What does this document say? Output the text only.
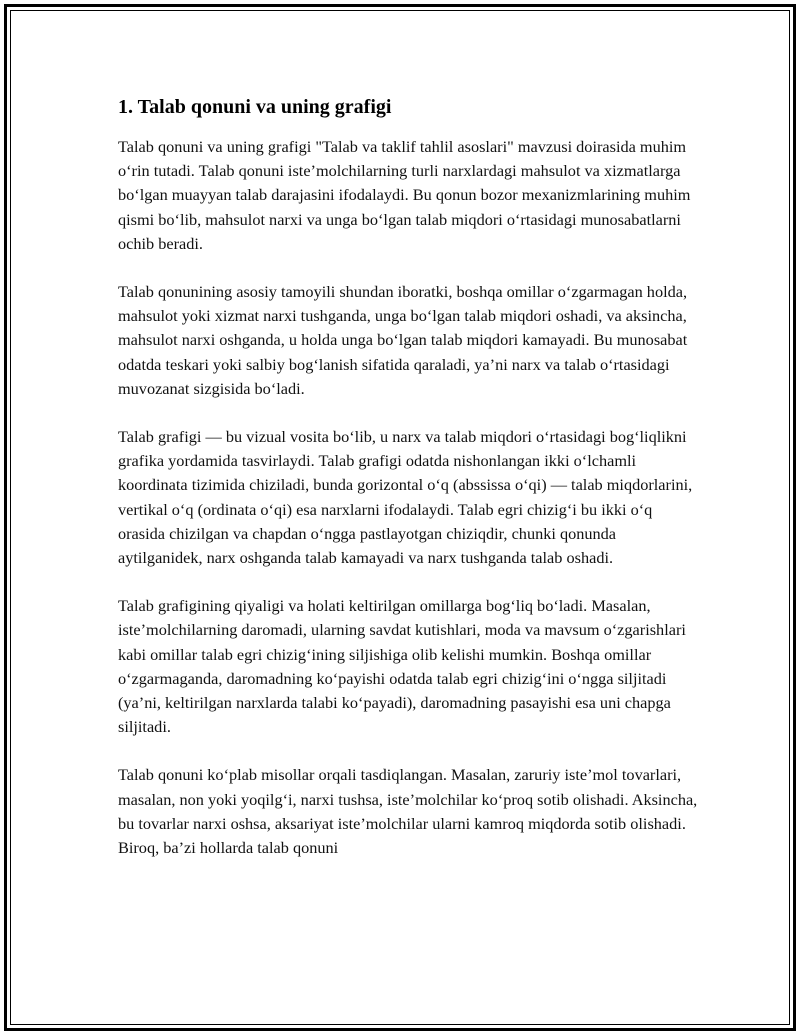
1. Talab qonuni va uning grafigi

Talab qonuni va uning grafigi "Talab va taklif tahlil asoslari" mavzusi doirasida muhim o‘rin tutadi. Talab qonuni iste’molchilarning turli narxlardagi mahsulot va xizmatlarga bo‘lgan muayyan talab darajasini ifodalaydi. Bu qonun bozor mexanizmlarining muhim qismi bo‘lib, mahsulot narxi va unga bo‘lgan talab miqdori o‘rtasidagi munosabatlarni ochib beradi.

Talab qonunining asosiy tamoyili shundan iboratki, boshqa omillar o‘zgarmagan holda, mahsulot yoki xizmat narxi tushganda, unga bo‘lgan talab miqdori oshadi, va aksincha, mahsulot narxi oshganda, u holda unga bo‘lgan talab miqdori kamayadi. Bu munosabat odatda teskari yoki salbiy bog‘lanish sifatida qaraladi, ya’ni narx va talab o‘rtasidagi muvozanat sizgisida bo‘ladi.

Talab grafigi — bu vizual vosita bo‘lib, u narx va talab miqdori o‘rtasidagi bog‘liqlikni grafika yordamida tasvirlaydi. Talab grafigi odatda nishonlangan ikki o‘lchamli koordinata tizimida chiziladi, bunda gorizontal o‘q (abssissa o‘qi) — talab miqdorlarini, vertikal o‘q (ordinata o‘qi) esa narxlarni ifodalaydi. Talab egri chizig‘i bu ikki o‘q orasida chizilgan va chapdan o‘ngga pastlayotgan chiziqdir, chunki qonunda aytilganidek, narx oshganda talab kamayadi va narx tushganda talab oshadi.

Talab grafigining qiyaligi va holati keltirilgan omillarga bog‘liq bo‘ladi. Masalan, iste’molchilarning daromadi, ularning savdat kutishlari, moda va mavsum o‘zgarishlari kabi omillar talab egri chizig‘ining siljishiga olib kelishi mumkin. Boshqa omillar o‘zgarmaganda, daromadning ko‘payishi odatda talab egri chizig‘ini o‘ngga siljitadi (ya’ni, keltirilgan narxlarda talabi ko‘payadi), daromadning pasayishi esa uni chapga siljitadi.

Talab qonuni ko‘plab misollar orqali tasdiqlangan. Masalan, zaruriy iste’mol tovarlari, masalan, non yoki yoqilg‘i, narxi tushsa, iste’molchilar ko‘proq sotib olishadi. Aksincha, bu tovarlar narxi oshsa, aksariyat iste’molchilar ularni kamroq miqdorda sotib olishadi. Biroq, ba’zi hollarda talab qonuni
